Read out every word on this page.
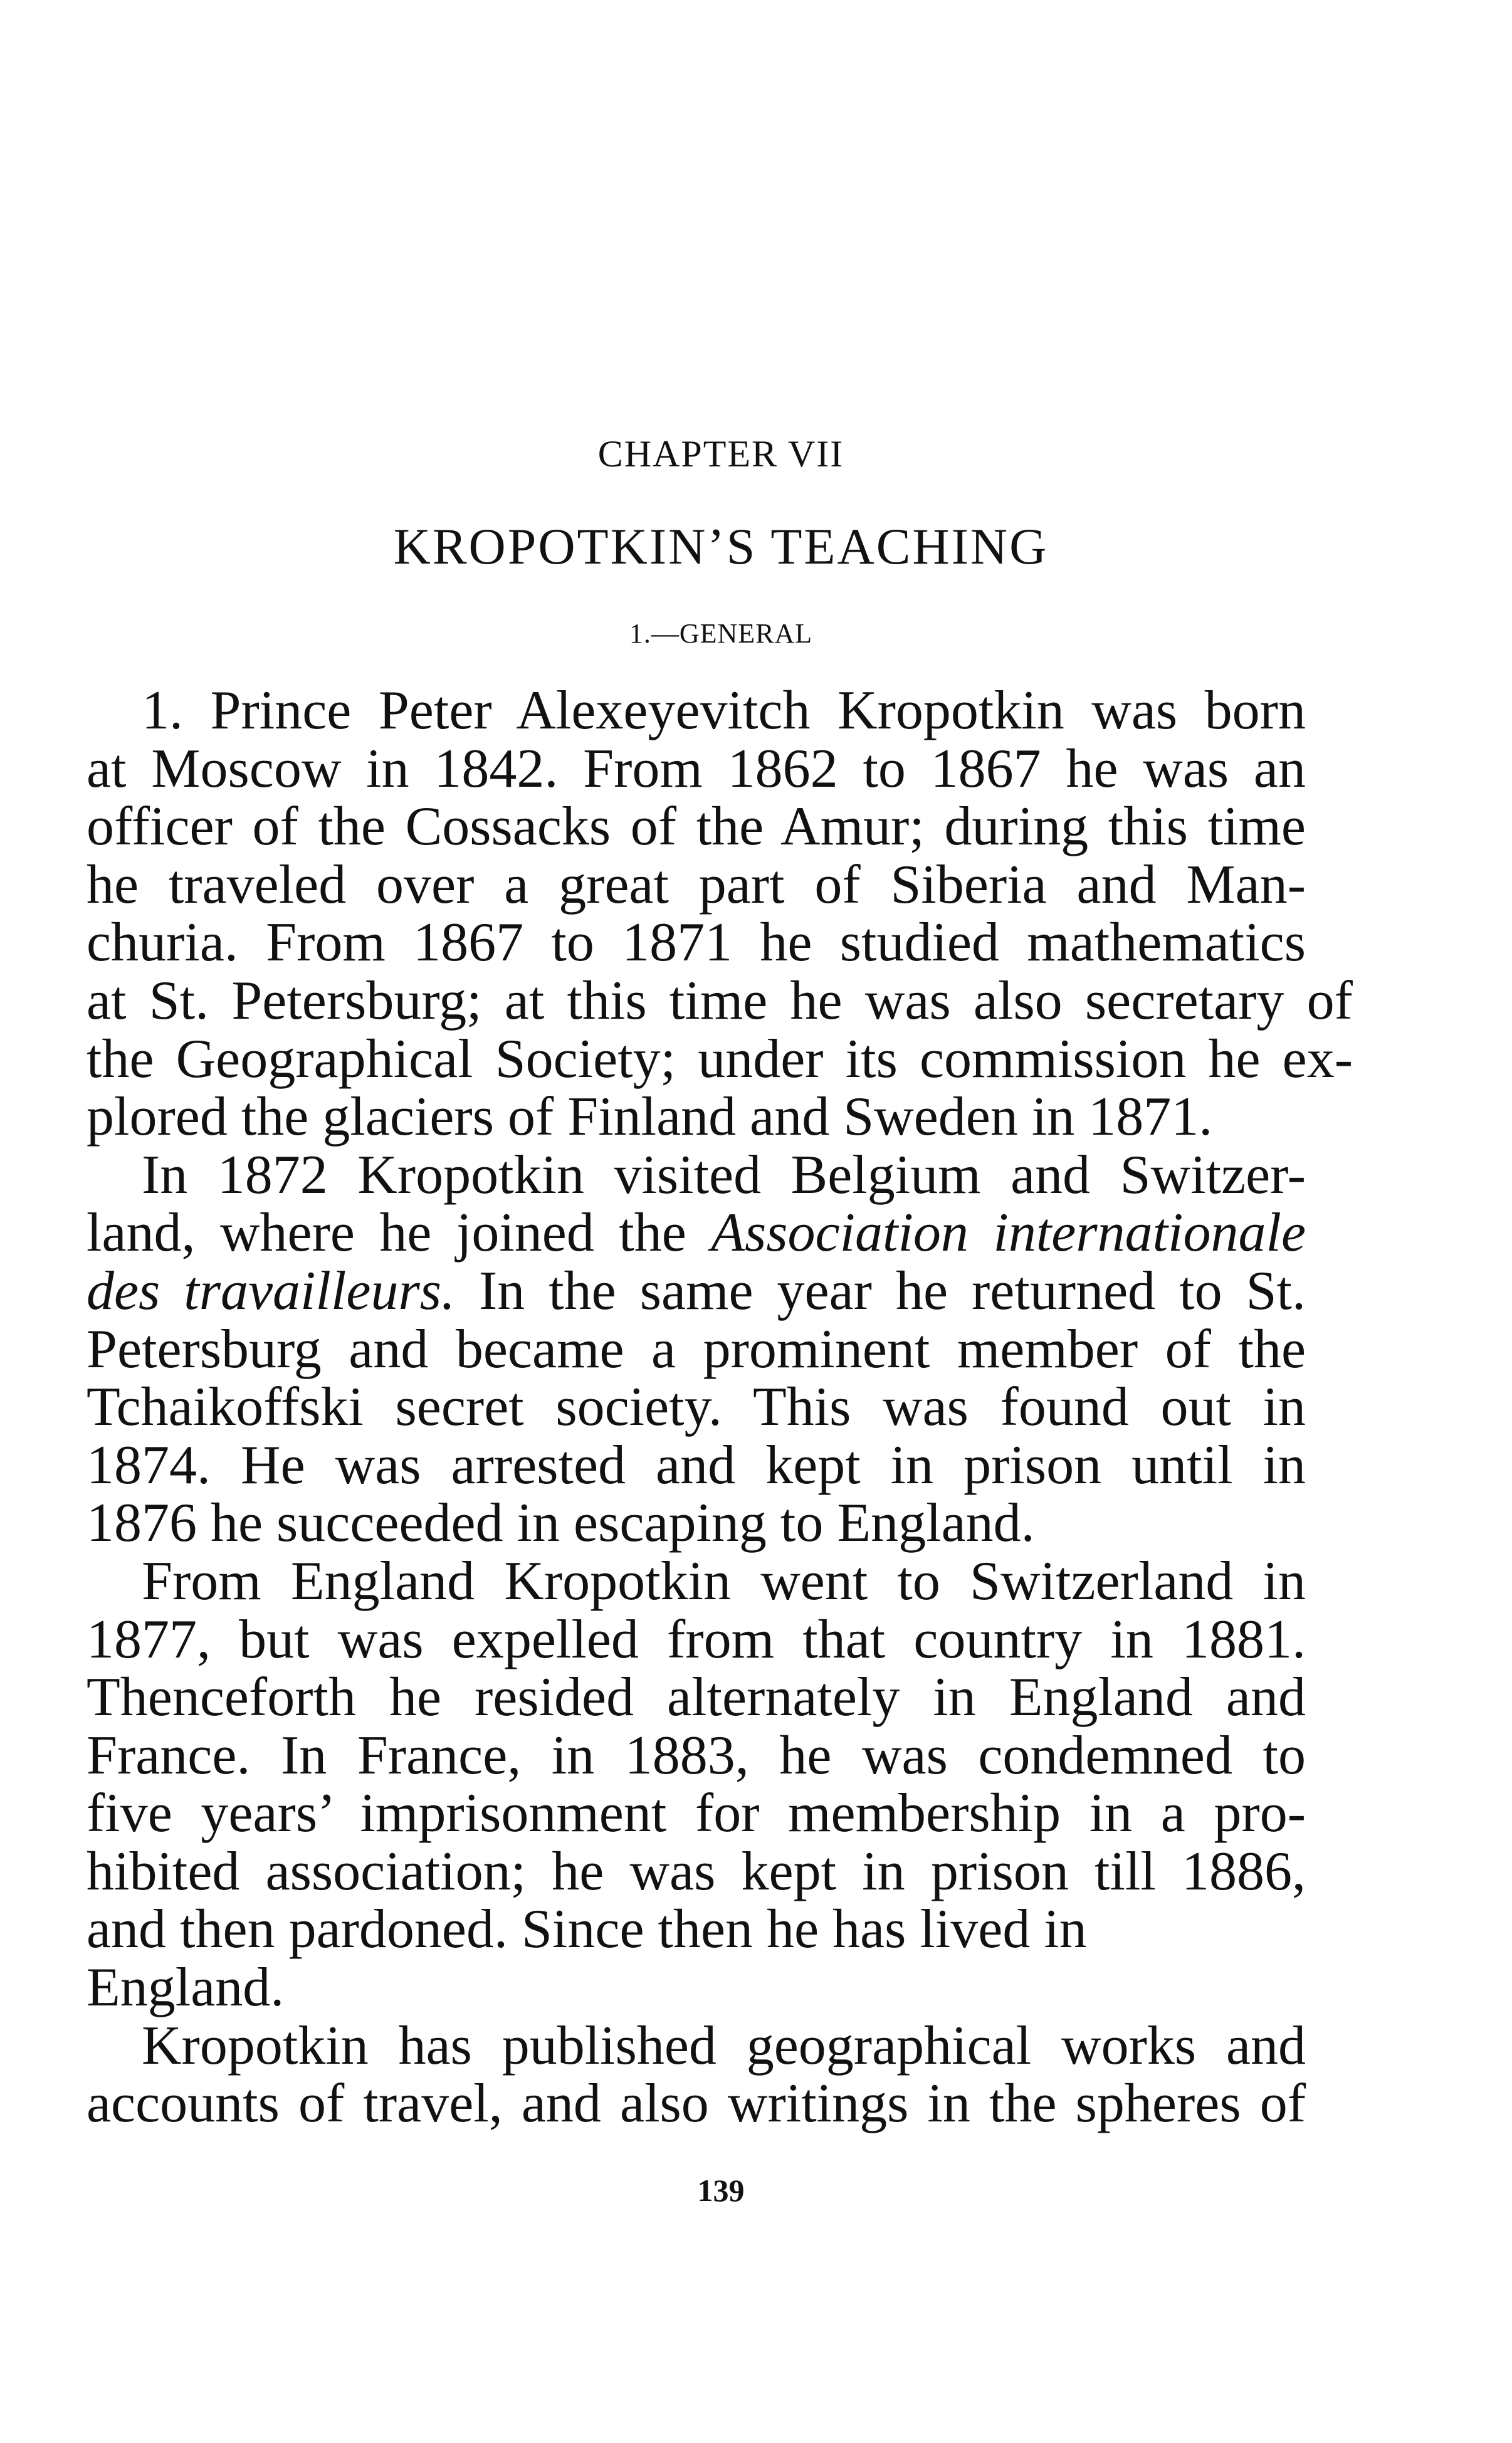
CHAPTER VII
KROPOTKIN’S TEACHING
1.—GENERAL
1. Prince Peter Alexeyevitch Kropotkin was born
at Moscow in 1842. From 1862 to 1867 he was an
officer of the Cossacks of the Amur; during this time
he traveled over a great part of Siberia and Man-
churia. From 1867 to 1871 he studied mathematics
at St. Petersburg; at this time he was also secretary of
the Geographical Society; under its commission he ex-
plored the glaciers of Finland and Sweden in 1871.
In 1872 Kropotkin visited Belgium and Switzer-
land, where he joined the Association internationale
des travailleurs. In the same year he returned to St.
Petersburg and became a prominent member of the
Tchaikoffski secret society. This was found out in
1874. He was arrested and kept in prison until in
1876 he succeeded in escaping to England.
From England Kropotkin went to Switzerland in
1877, but was expelled from that country in 1881.
Thenceforth he resided alternately in England and
France. In France, in 1883, he was condemned to
five years’ imprisonment for membership in a pro-
hibited association; he was kept in prison till 1886,
and then pardoned. Since then he has lived in
England.
Kropotkin has published geographical works and
accounts of travel, and also writings in the spheres of
139
